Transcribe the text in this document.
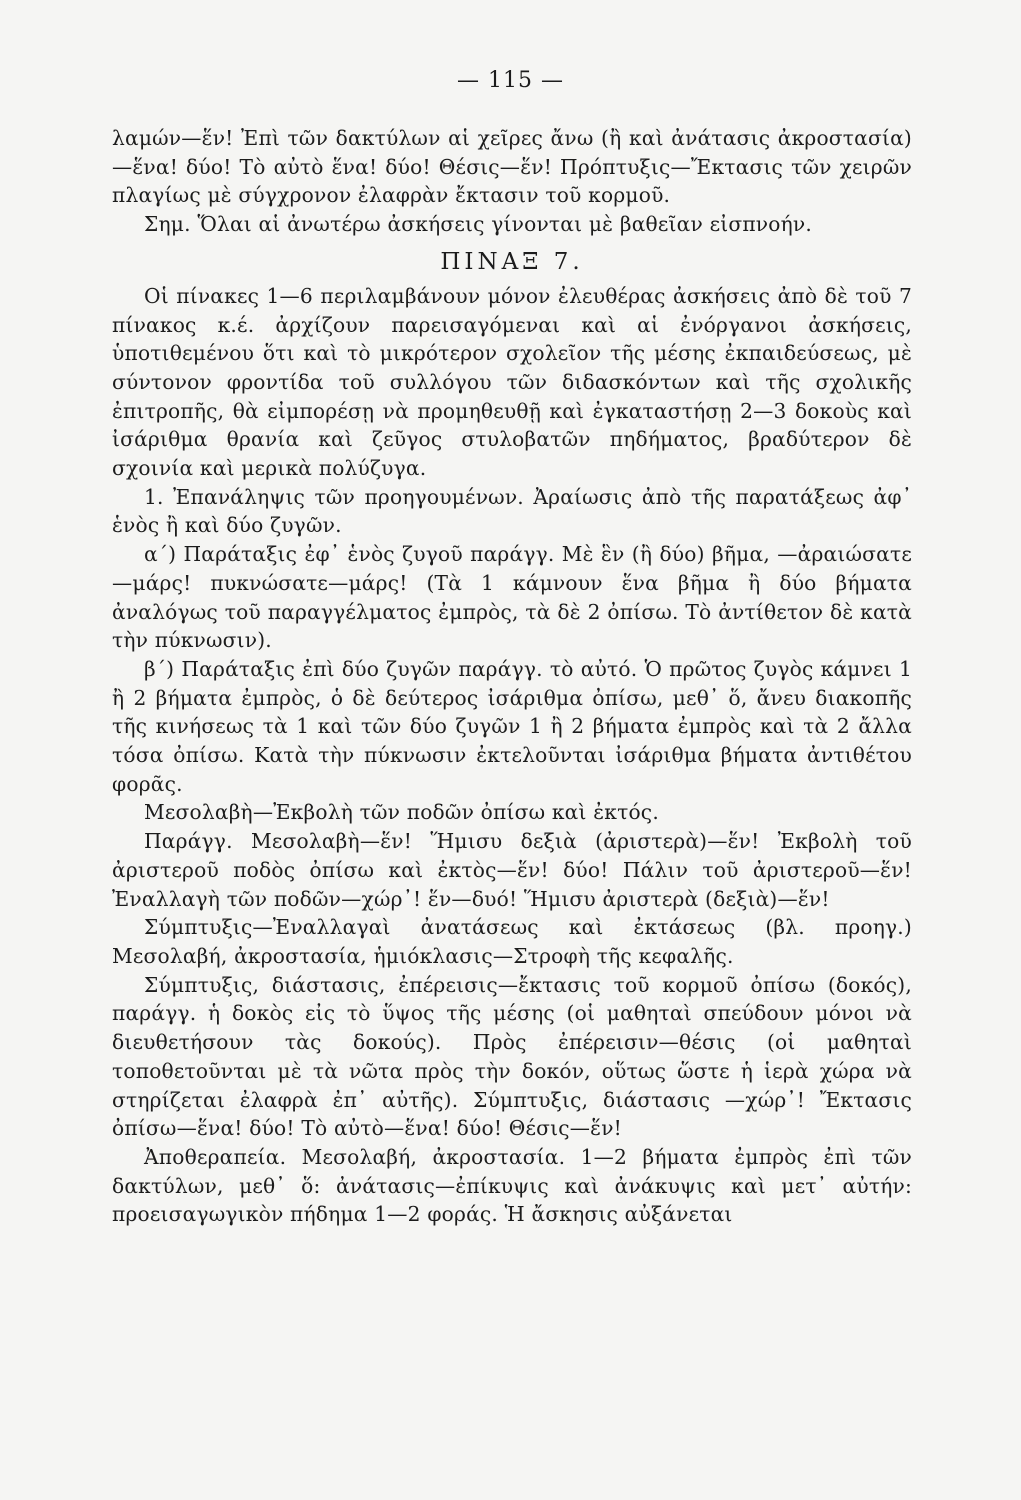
— 115 —

λαμών—ἕν! Ἐπὶ τῶν δακτύλων αἱ χεῖρες ἄνω (ἢ καὶ ἀνάτασις ἀκροστασία)—ἕνα! δύο! Τὸ αὐτὸ ἕνα! δύο! Θέσις—ἕν! Πρόπτυξις—Ἔκτασις τῶν χειρῶν πλαγίως μὲ σύγχρονον ἐλαφρὰν ἔκτασιν τοῦ κορμοῦ.

Σημ. Ὅλαι αἱ ἀνωτέρω ἀσκήσεις γίνονται μὲ βαθεῖαν εἰσπνοήν.

ΠΙΝΑΞ 7.

Οἱ πίνακες 1—6 περιλαμβάνουν μόνον ἐλευθέρας ἀσκήσεις ἀπὸ δὲ τοῦ 7 πίνακος κ.έ. ἀρχίζουν παρεισαγόμεναι καὶ αἱ ἐνόργανοι ἀσκήσεις, ὑποτιθεμένου ὅτι καὶ τὸ μικρότερον σχολεῖον τῆς μέσης ἐκπαιδεύσεως, μὲ σύντονον φροντίδα τοῦ συλλόγου τῶν διδασκόντων καὶ τῆς σχολικῆς ἐπιτροπῆς, θὰ εἰμπορέσῃ νὰ προμηθευθῇ καὶ ἐγκαταστήσῃ 2—3 δοκοὺς καὶ ἰσάριθμα θρανία καὶ ζεῦγος στυλοβατῶν πηδήματος, βραδύτερον δὲ σχοινία καὶ μερικὰ πολύζυγα.

1. Ἐπανάληψις τῶν προηγουμένων. Ἀραίωσις ἀπὸ τῆς παρατάξεως ἀφ᾽ ἑνὸς ἢ καὶ δύο ζυγῶν.

α΄) Παράταξις ἐφ᾽ ἑνὸς ζυγοῦ παράγγ. Μὲ ἓν (ἢ δύο) βῆμα, —ἀραιώσατε—μάρς! πυκνώσατε—μάρς! (Τὰ 1 κάμνουν ἕνα βῆμα ἢ δύο βήματα ἀναλόγως τοῦ παραγγέλματος ἐμπρὸς, τὰ δὲ 2 ὀπίσω. Τὸ ἀντίθετον δὲ κατὰ τὴν πύκνωσιν).

β΄) Παράταξις ἐπὶ δύο ζυγῶν παράγγ. τὸ αὐτό. Ὁ πρῶτος ζυγὸς κάμνει 1 ἢ 2 βήματα ἐμπρὸς, ὁ δὲ δεύτερος ἰσάριθμα ὀπίσω, μεθ᾽ ὅ, ἄνευ διακοπῆς τῆς κινήσεως τὰ 1 καὶ τῶν δύο ζυγῶν 1 ἢ 2 βήματα ἐμπρὸς καὶ τὰ 2 ἄλλα τόσα ὀπίσω. Κατὰ τὴν πύκνωσιν ἐκτελοῦνται ἰσάριθμα βήματα ἀντιθέτου φορᾶς.

Μεσολαβὴ—Ἐκβολὴ τῶν ποδῶν ὀπίσω καὶ ἐκτός.

Παράγγ. Μεσολαβὴ—ἕν! Ἥμισυ δεξιὰ (ἀριστερὰ)—ἕν! Ἐκβολὴ τοῦ ἀριστεροῦ ποδὸς ὀπίσω καὶ ἐκτὸς—ἕν! δύο! Πάλιν τοῦ ἀριστεροῦ—ἕν! Ἐναλλαγὴ τῶν ποδῶν—χώρ᾽! ἕν—δυό! Ἥμισυ ἀριστερὰ (δεξιὰ)—ἕν!

Σύμπτυξις—Ἐναλλαγαὶ ἀνατάσεως καὶ ἐκτάσεως (βλ. προηγ.) Μεσολαβή, ἀκροστασία, ἡμιόκλασις—Στροφὴ τῆς κεφαλῆς.

Σύμπτυξις, διάστασις, ἐπέρεισις—ἔκτασις τοῦ κορμοῦ ὀπίσω (δοκός), παράγγ. ἡ δοκὸς εἰς τὸ ὕψος τῆς μέσης (οἱ μαθηταὶ σπεύδουν μόνοι νὰ διευθετήσουν τὰς δοκούς). Πρὸς ἐπέρεισιν—θέσις (οἱ μαθηταὶ τοποθετοῦνται μὲ τὰ νῶτα πρὸς τὴν δοκόν, οὕτως ὥστε ἡ ἱερὰ χώρα νὰ στηρίζεται ἐλαφρὰ ἐπ᾽ αὐτῆς). Σύμπτυξις, διάστασις —χώρ᾽! Ἔκτασις ὀπίσω—ἕνα! δύο! Τὸ αὐτὸ—ἕνα! δύο! Θέσις—ἕν!

Ἀποθεραπεία. Μεσολαβή, ἀκροστασία. 1—2 βήματα ἐμπρὸς ἐπὶ τῶν δακτύλων, μεθ᾽ ὅ: ἀνάτασις—ἐπίκυψις καὶ ἀνάκυψις καὶ μετ᾽ αὐτήν: προεισαγωγικὸν πήδημα 1—2 φοράς. Ἡ ἄσκησις αὐξάνεται
